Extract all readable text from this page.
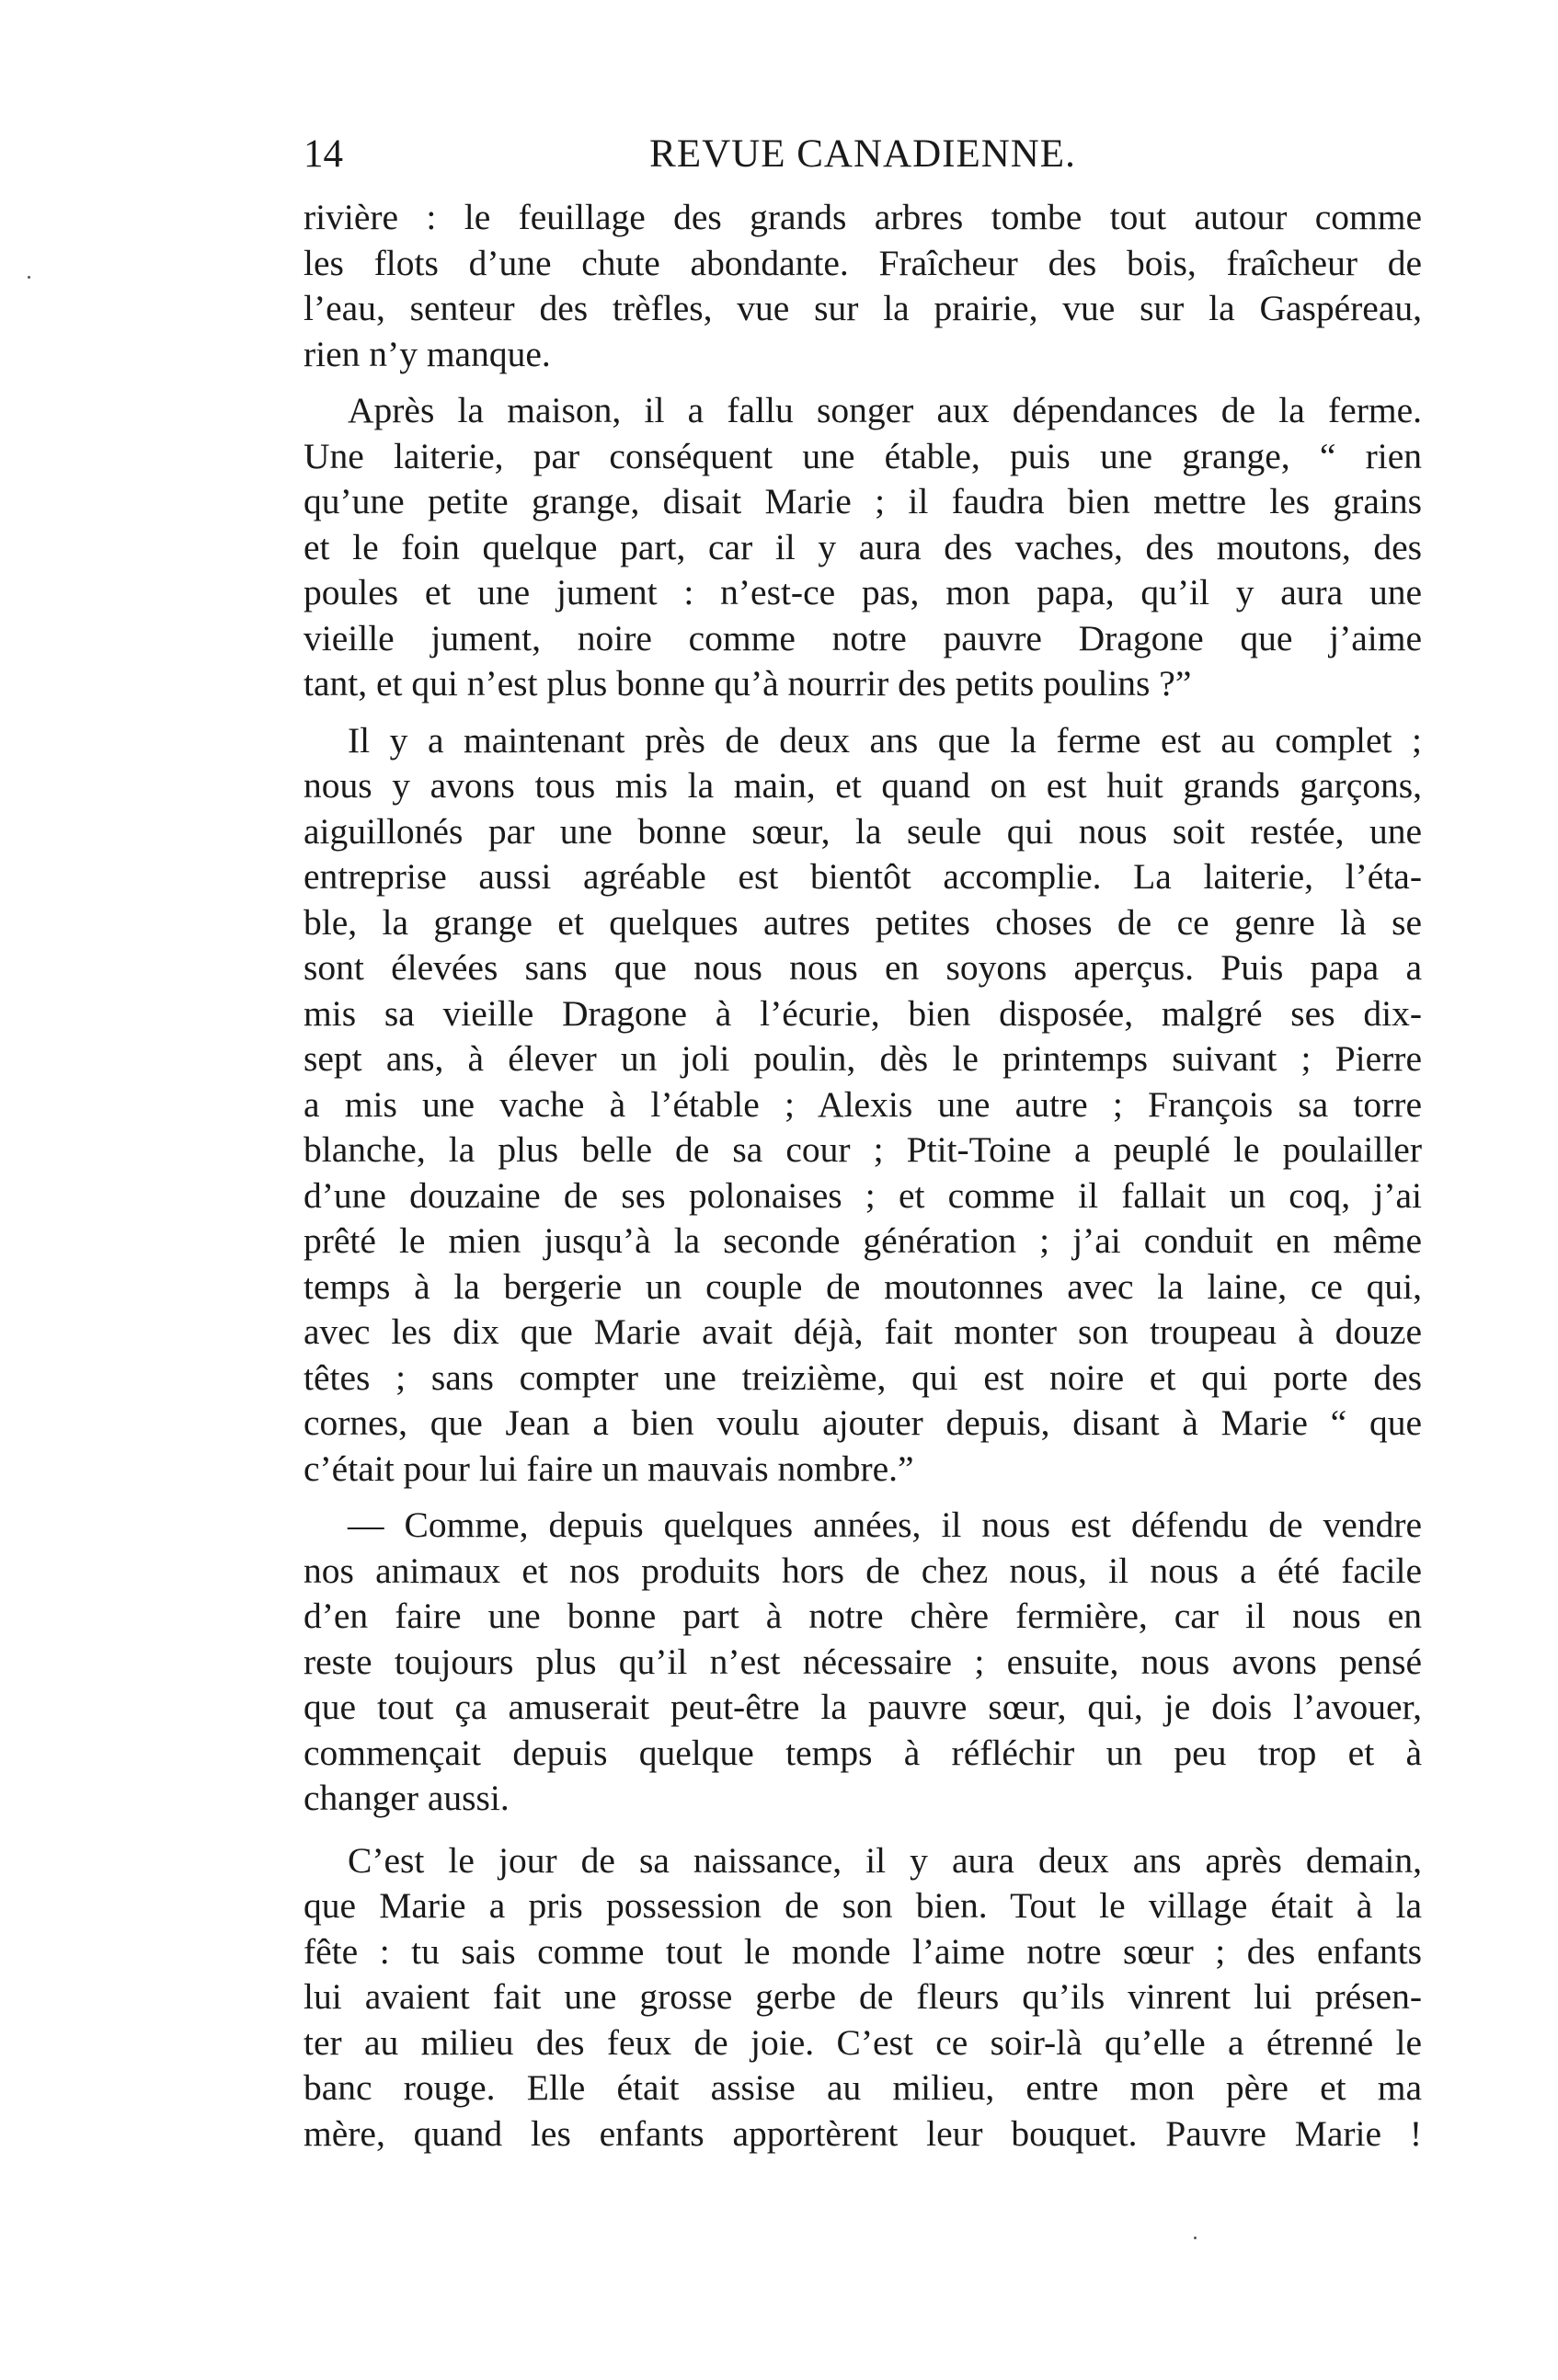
14	REVUE CANADIENNE.

rivière : le feuillage des grands arbres tombe tout autour comme
les flots d’une chute abondante. Fraîcheur des bois, fraîcheur de
l’eau, senteur des trèfles, vue sur la prairie, vue sur la Gaspéreau,
rien n’y manque.

Après la maison, il a fallu songer aux dépendances de la ferme.
Une laiterie, par conséquent une étable, puis une grange, “ rien
qu’une petite grange, disait Marie ; il faudra bien mettre les grains
et le foin quelque part, car il y aura des vaches, des moutons, des
poules et une jument : n’est-ce pas, mon papa, qu’il y aura une
vieille jument, noire comme notre pauvre Dragone que j’aime
tant, et qui n’est plus bonne qu’à nourrir des petits poulins ?”

Il y a maintenant près de deux ans que la ferme est au complet ;
nous y avons tous mis la main, et quand on est huit grands garçons,
aiguillonés par une bonne sœur, la seule qui nous soit restée, une
entreprise aussi agréable est bientôt accomplie. La laiterie, l’éta-
ble, la grange et quelques autres petites choses de ce genre là se
sont élevées sans que nous nous en soyons aperçus. Puis papa a
mis sa vieille Dragone à l’écurie, bien disposée, malgré ses dix-
sept ans, à élever un joli poulin, dès le printemps suivant ; Pierre
a mis une vache à l’étable ; Alexis une autre ; François sa torre
blanche, la plus belle de sa cour ; Ptit-Toine a peuplé le poulailler
d’une douzaine de ses polonaises ; et comme il fallait un coq, j’ai
prêté le mien jusqu’à la seconde génération ; j’ai conduit en même
temps à la bergerie un couple de moutonnes avec la laine, ce qui,
avec les dix que Marie avait déjà, fait monter son troupeau à douze
têtes ; sans compter une treizième, qui est noire et qui porte des
cornes, que Jean a bien voulu ajouter depuis, disant à Marie “ que
c’était pour lui faire un mauvais nombre.”

— Comme, depuis quelques années, il nous est défendu de vendre
nos animaux et nos produits hors de chez nous, il nous a été facile
d’en faire une bonne part à notre chère fermière, car il nous en
reste toujours plus qu’il n’est nécessaire ; ensuite, nous avons pensé
que tout ça amuserait peut-être la pauvre sœur, qui, je dois l’avouer,
commençait depuis quelque temps à réfléchir un peu trop et à
changer aussi.

C’est le jour de sa naissance, il y aura deux ans après demain,
que Marie a pris possession de son bien. Tout le village était à la
fête : tu sais comme tout le monde l’aime notre sœur ; des enfants
lui avaient fait une grosse gerbe de fleurs qu’ils vinrent lui présen-
ter au milieu des feux de joie. C’est ce soir-là qu’elle a étrenné le
banc rouge. Elle était assise au milieu, entre mon père et ma
mère, quand les enfants apportèrent leur bouquet. Pauvre Marie !
